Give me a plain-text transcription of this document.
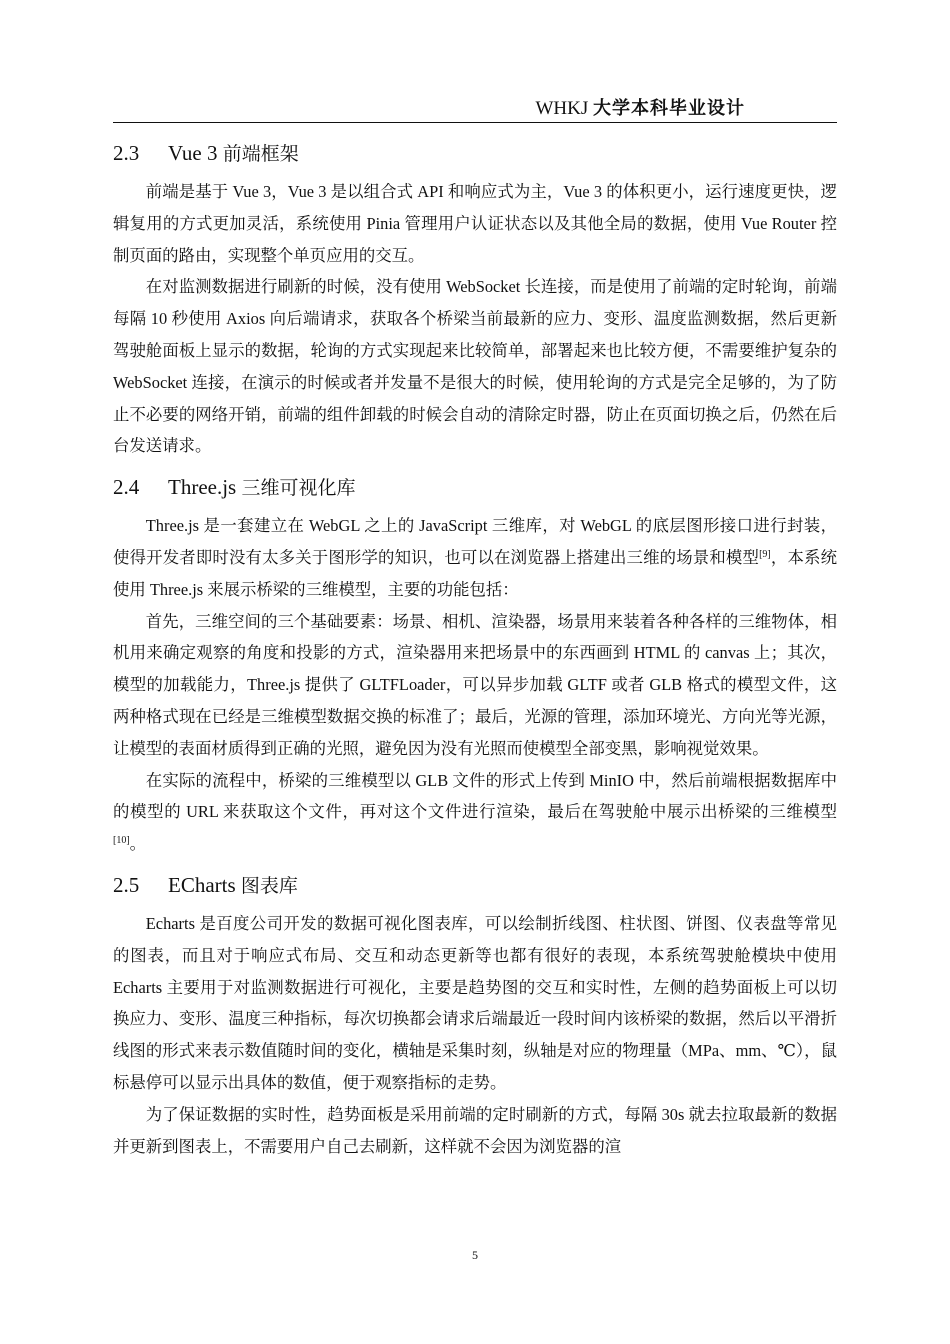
WHKJ 大学本科毕业设计
2.3 Vue 3 前端框架

前端是基于 Vue 3，Vue 3 是以组合式 API 和响应式为主，Vue 3 的体积更小，运行速度更快，逻辑复用的方式更加灵活，系统使用 Pinia 管理用户认证状态以及其他全局的数据，使用 Vue Router 控制页面的路由，实现整个单页应用的交互。

在对监测数据进行刷新的时候，没有使用 WebSocket 长连接，而是使用了前端的定时轮询，前端每隔 10 秒使用 Axios 向后端请求，获取各个桥梁当前最新的应力、变形、温度监测数据，然后更新驾驶舱面板上显示的数据，轮询的方式实现起来比较简单，部署起来也比较方便，不需要维护复杂的 WebSocket 连接，在演示的时候或者并发量不是很大的时候，使用轮询的方式是完全足够的，为了防止不必要的网络开销，前端的组件卸载的时候会自动的清除定时器，防止在页面切换之后，仍然在后台发送请求。

2.4 Three.js 三维可视化库

Three.js 是一套建立在 WebGL 之上的 JavaScript 三维库，对 WebGL 的底层图形接口进行封装，使得开发者即时没有太多关于图形学的知识，也可以在浏览器上搭建出三维的场景和模型[9]，本系统使用 Three.js 来展示桥梁的三维模型，主要的功能包括：

首先，三维空间的三个基础要素：场景、相机、渲染器，场景用来装着各种各样的三维物体，相机用来确定观察的角度和投影的方式，渲染器用来把场景中的东西画到 HTML 的 canvas 上；其次，模型的加载能力，Three.js 提供了 GLTFLoader，可以异步加载 GLTF 或者 GLB 格式的模型文件，这两种格式现在已经是三维模型数据交换的标准了；最后，光源的管理，添加环境光、方向光等光源，让模型的表面材质得到正确的光照，避免因为没有光照而使模型全部变黑，影响视觉效果。

在实际的流程中，桥梁的三维模型以 GLB 文件的形式上传到 MinIO 中，然后前端根据数据库中的模型的 URL 来获取这个文件，再对这个文件进行渲染，最后在驾驶舱中展示出桥梁的三维模型[10]。

2.5 ECharts 图表库

Echarts 是百度公司开发的数据可视化图表库，可以绘制折线图、柱状图、饼图、仪表盘等常见的图表，而且对于响应式布局、交互和动态更新等也都有很好的表现，本系统驾驶舱模块中使用 Echarts 主要用于对监测数据进行可视化，主要是趋势图的交互和实时性，左侧的趋势面板上可以切换应力、变形、温度三种指标，每次切换都会请求后端最近一段时间内该桥梁的数据，然后以平滑折线图的形式来表示数值随时间的变化，横轴是采集时刻，纵轴是对应的物理量（MPa、mm、℃），鼠标悬停可以显示出具体的数值，便于观察指标的走势。

为了保证数据的实时性，趋势面板是采用前端的定时刷新的方式，每隔 30s 就去拉取最新的数据并更新到图表上，不需要用户自己去刷新，这样就不会因为浏览器的渲

5
